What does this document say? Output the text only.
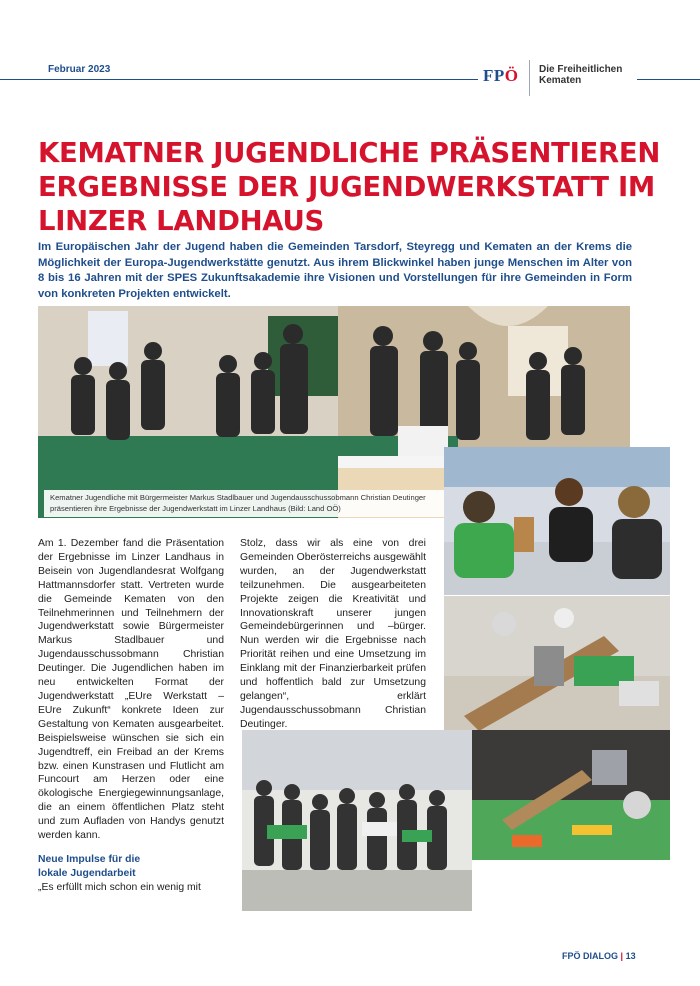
Februar 2023	FPÖ Die Freiheitlichen
Kematen
KEMATNER JUGENDLICHE PRÄSENTIEREN
ERGEBNISSE DER JUGENDWERKSTATT IM
LINZER LANDHAUS

Im Europäischen Jahr der Jugend haben die Gemeinden Tarsdorf, Steyregg und Kematen an der Krems die Möglichkeit der Europa-Jugendwerkstätte genutzt. Aus ihrem Blickwinkel haben junge Menschen im Alter von 8 bis 16 Jahren mit der SPES Zukunftsakademie ihre Visionen und Vorstellungen für ihre Gemeinden in Form von konkreten Projekten entwickelt.

Kematner Jugendliche mit Bürgermeister Markus Stadlbauer und Jugendausschussobmann Christian Deutinger präsentieren ihre Ergebnisse der Jugendwerkstatt im Linzer Landhaus (Bild: Land OÖ)

Am 1. Dezember fand die Präsentation der Ergebnisse im Linzer Landhaus in Beisein von Jugendlandesrat Wolfgang Hattmannsdorfer statt. Vertreten wurde die Gemeinde Kematen von den Teilnehmerinnen und Teilnehmern der Jugendwerkstatt sowie Bürgermeister Markus Stadlbauer und Jugendausschussobmann Christian Deutinger. Die Jugendlichen haben im neu entwickelten Format der Jugendwerkstatt „EUre Werkstatt – EUre Zukunft“ konkrete Ideen zur Gestaltung von Kematen ausgearbeitet. Beispielsweise wünschen sie sich ein Jugendtreff, ein Freibad an der Krems bzw. einen Kunstrasen und Flutlicht am Funcourt am Herzen oder eine ökologische Energiegewinnungsanlage, die an einem öffentlichen Platz steht und zum Aufladen von Handys genutzt werden kann.

Neue Impulse für die
lokale Jugendarbeit

„Es erfüllt mich schon ein wenig mit

Stolz, dass wir als eine von drei Gemeinden Oberösterreichs ausgewählt wurden, an der Jugendwerkstatt teilzunehmen. Die ausgearbeiteten Projekte zeigen die Kreativität und Innovationskraft unserer jungen Gemeindebürgerinnen und –bürger. Nun werden wir die Ergebnisse nach Priorität reihen und eine Umsetzung im Einklang mit der Finanzierbarkeit prüfen und hoffentlich bald zur Umsetzung gelangen“, erklärt Jugendausschussobmann Christian Deutinger.

FPÖ DIALOG | 13
